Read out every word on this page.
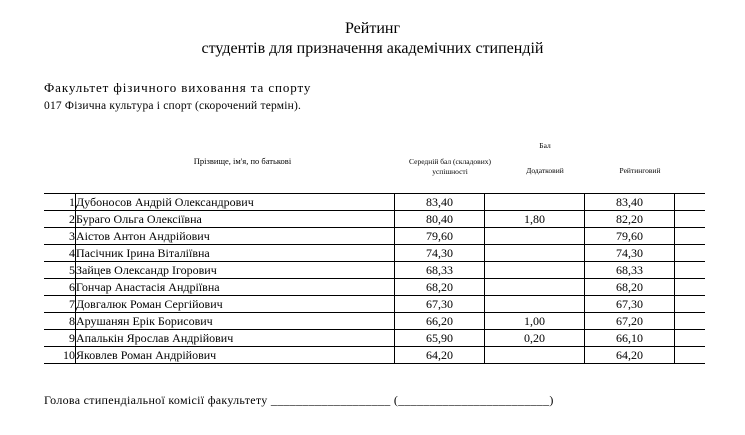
Рейтинг
студентів для призначення академічних стипендій
Факультет фізичного виховання та спорту
017 Фізична культура і спорт (скорочений термін).
Прізвище, ім'я, по батькові
Бал
Середній бал (складових) успішності	Додатковий	Рейтинговий
1	Дубоносов Андрій Олександрович	83,40		83,40	
2	Бураго Ольга Олексіївна	80,40	1,80	82,20	
3	Аістов Антон Андрійович	79,60		79,60	
4	Пасічник Ірина Віталіївна	74,30		74,30	
5	Зайцев Олександр Ігорович	68,33		68,33	
6	Гончар Анастасія Андріївна	68,20		68,20	
7	Довгалюк Роман Сергійович	67,30		67,30	
8	Арушанян Ерік Борисович	66,20	1,00	67,20	
9	Апалькін Ярослав Андрійович	65,90	0,20	66,10	
10	Яковлев Роман Андрійович	64,20		64,20	
Голова стипендіальної комісії факультету ___________________ (________________________)
